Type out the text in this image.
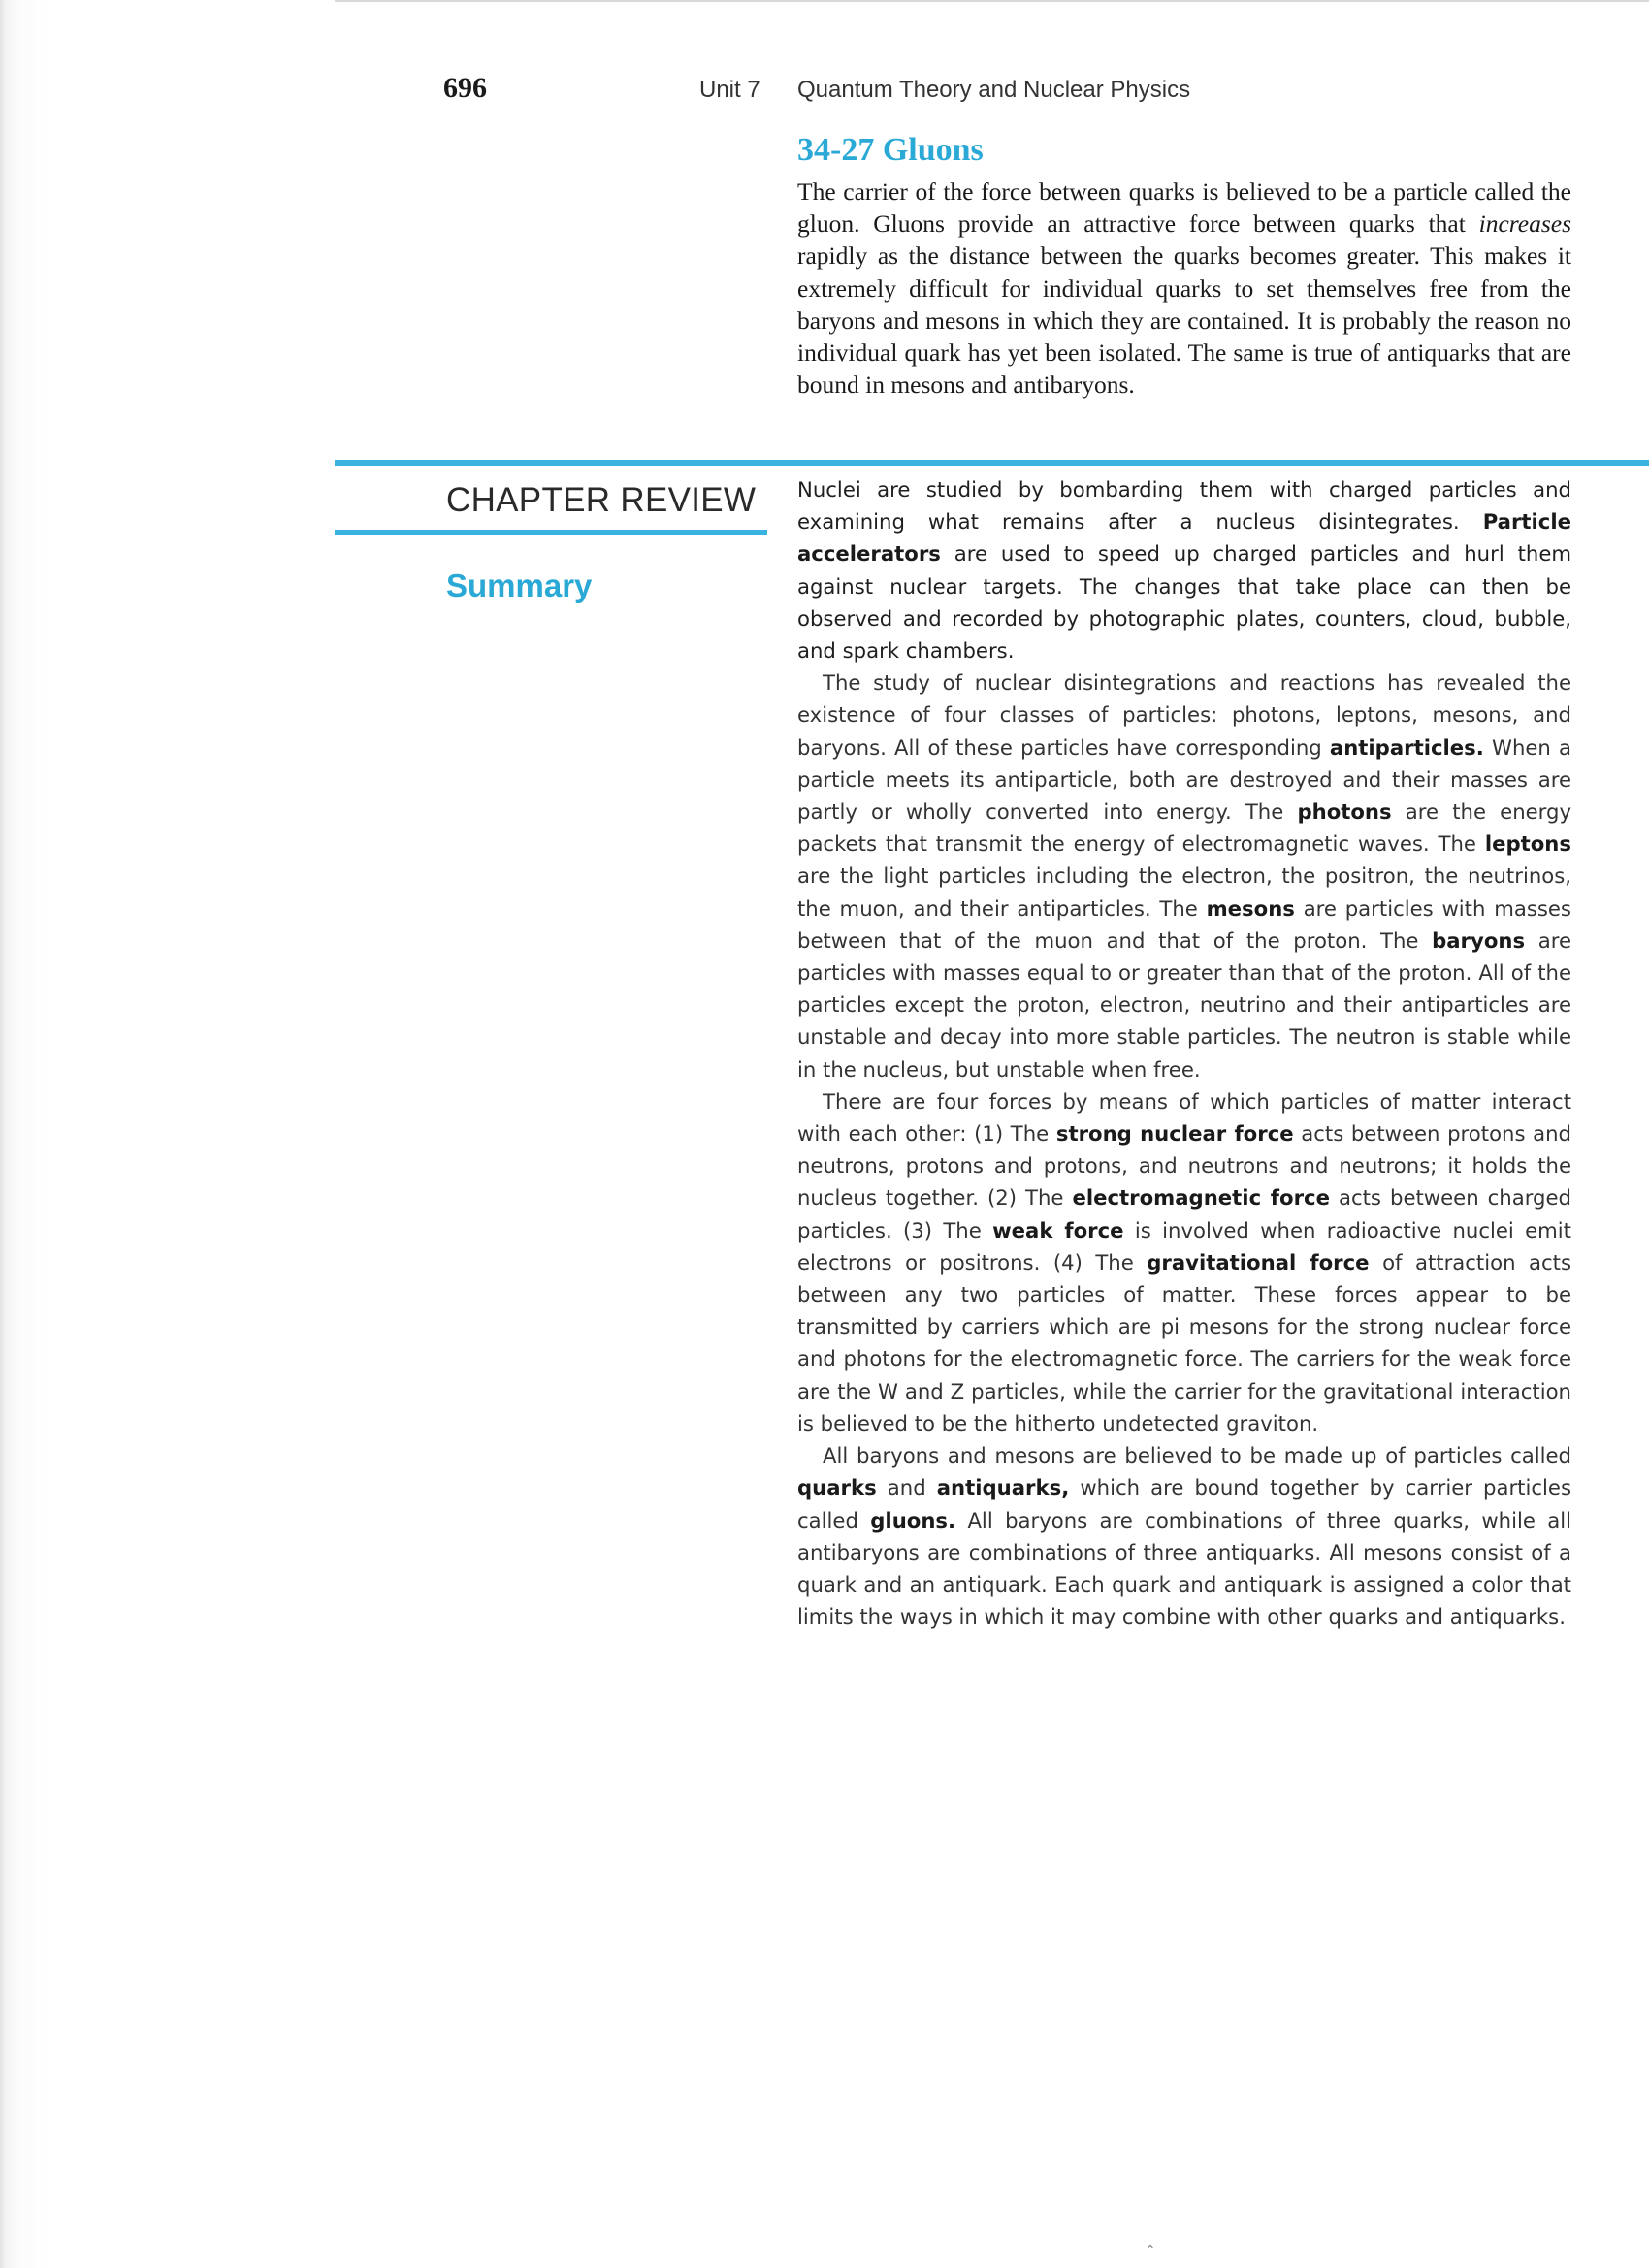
696	Unit 7 Quantum Theory and Nuclear Physics
34-27 Gluons

The carrier of the force between quarks is believed to be a particle called the gluon. Gluons provide an attractive force between quarks that increases rapidly as the distance between the quarks becomes greater. This makes it extremely difficult for individual quarks to set themselves free from the baryons and mesons in which they are contained. It is probably the reason no individual quark has yet been isolated. The same is true of antiquarks that are bound in mesons and antibaryons.

CHAPTER REVIEW
Summary

Nuclei are studied by bombarding them with charged particles and examining what remains after a nucleus disintegrates. Particle accelerators are used to speed up charged particles and hurl them against nuclear targets. The changes that take place can then be observed and recorded by photographic plates, counters, cloud, bubble, and spark chambers.

The study of nuclear disintegrations and reactions has revealed the existence of four classes of particles: photons, leptons, mesons, and baryons. All of these particles have corresponding antiparticles. When a particle meets its antiparticle, both are destroyed and their masses are partly or wholly converted into energy. The photons are the energy packets that transmit the energy of electromagnetic waves. The leptons are the light particles including the electron, the positron, the neutrinos, the muon, and their antiparticles. The mesons are particles with masses between that of the muon and that of the proton. The baryons are particles with masses equal to or greater than that of the proton. All of the particles except the proton, electron, neutrino and their antiparticles are unstable and decay into more stable particles. The neutron is stable while in the nucleus, but unstable when free.

There are four forces by means of which particles of matter interact with each other: (1) The strong nuclear force acts between protons and neutrons, protons and protons, and neutrons and neutrons; it holds the nucleus together. (2) The electromagnetic force acts between charged particles. (3) The weak force is involved when radioactive nuclei emit electrons or positrons. (4) The gravitational force of attraction acts between any two particles of matter. These forces appear to be transmitted by carriers which are pi mesons for the strong nuclear force and photons for the electromagnetic force. The carriers for the weak force are the W and Z particles, while the carrier for the gravitational interaction is believed to be the hitherto undetected graviton.

All baryons and mesons are believed to be made up of particles called quarks and antiquarks, which are bound together by carrier particles called gluons. All baryons are combinations of three quarks, while all antibaryons are combinations of three antiquarks. All mesons consist of a quark and an antiquark. Each quark and antiquark is assigned a color that limits the ways in which it may combine with other quarks and antiquarks.

⌃
